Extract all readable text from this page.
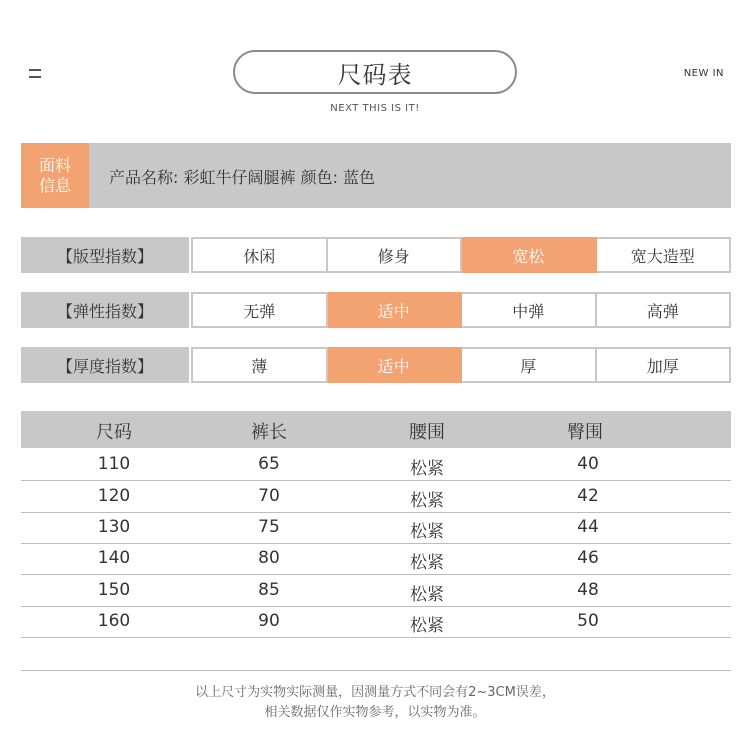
尺码表
NEXT THIS IS IT!
NEW IN
面料
信息 产品名称: 彩虹牛仔阔腿裤 颜色: 蓝色
【版型指数】	休闲	修身	宽松	宽大造型
【弹性指数】	无弹	适中	中弹	高弹
【厚度指数】	薄	适中	厚	加厚
尺码	裤长	腰围	臀围
110	65	松紧	40
120	70	松紧	42
130	75	松紧	44
140	80	松紧	46
150	85	松紧	48
160	90	松紧	50
以上尺寸为实物实际测量，因测量方式不同会有2~3CM误差，
相关数据仅作实物参考，以实物为准。
